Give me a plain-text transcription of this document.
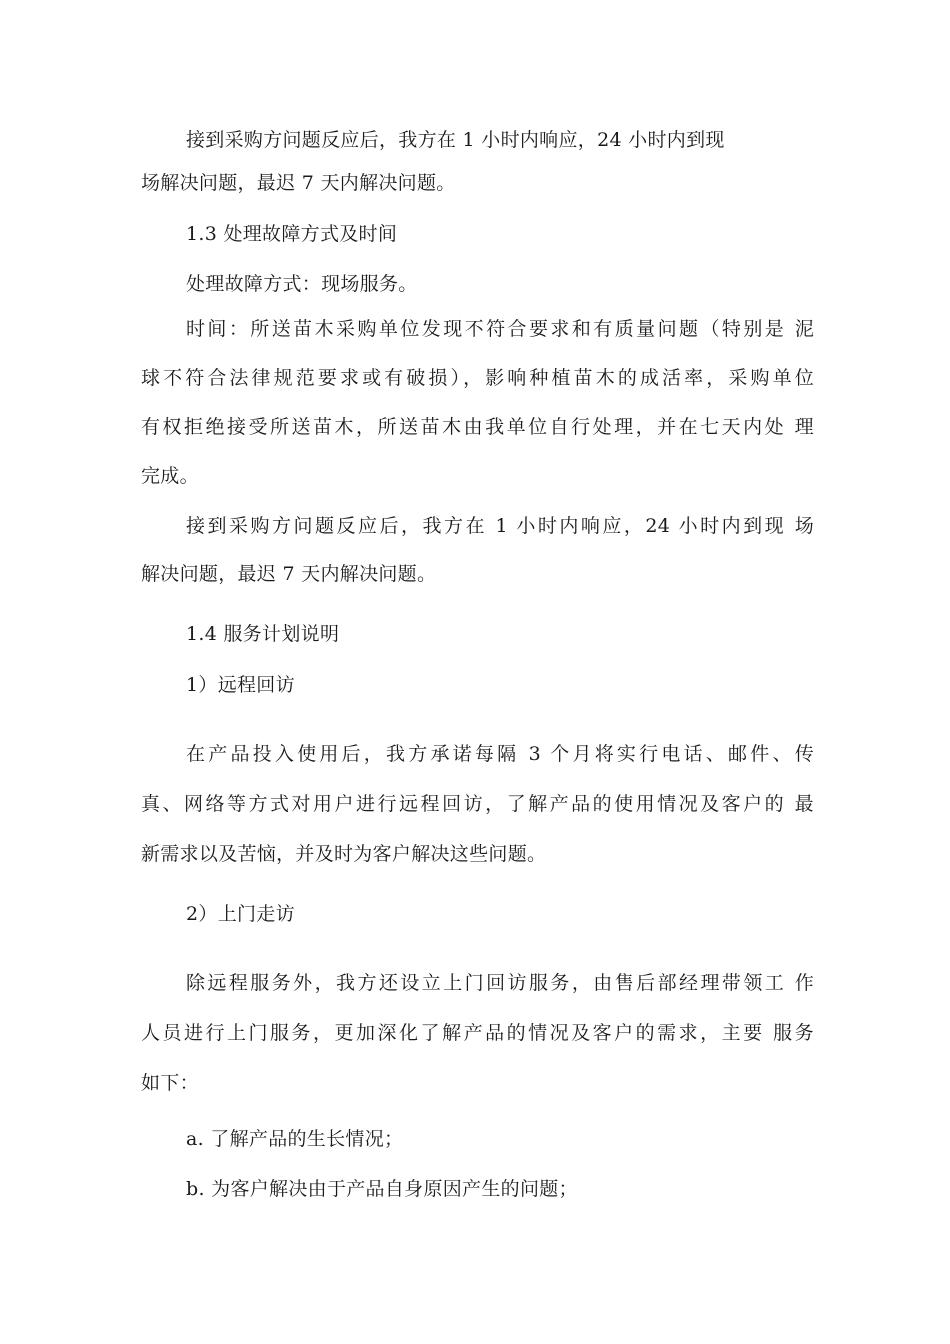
接到采购方问题反应后，我方在 1 小时内响应，24 小时内到现
场解决问题，最迟 7 天内解决问题。
1.3 处理故障方式及时间
处理故障方式：现场服务。
时间：所送苗木采购单位发现不符合要求和有质量问题（特别是 泥
球不符合法律规范要求或有破损），影响种植苗木的成活率，采购单位
有权拒绝接受所送苗木，所送苗木由我单位自行处理，并在七天内处 理
完成。
接到采购方问题反应后，我方在 1 小时内响应，24 小时内到现 场
解决问题，最迟 7 天内解决问题。
1.4 服务计划说明
1）远程回访
在产品投入使用后，我方承诺每隔 3 个月将实行电话、邮件、传
真、网络等方式对用户进行远程回访，了解产品的使用情况及客户的 最
新需求以及苦恼，并及时为客户解决这些问题。
2）上门走访
除远程服务外，我方还设立上门回访服务，由售后部经理带领工 作
人员进行上门服务，更加深化了解产品的情况及客户的需求，主要 服务
如下：
a. 了解产品的生长情况；
b. 为客户解决由于产品自身原因产生的问题；
